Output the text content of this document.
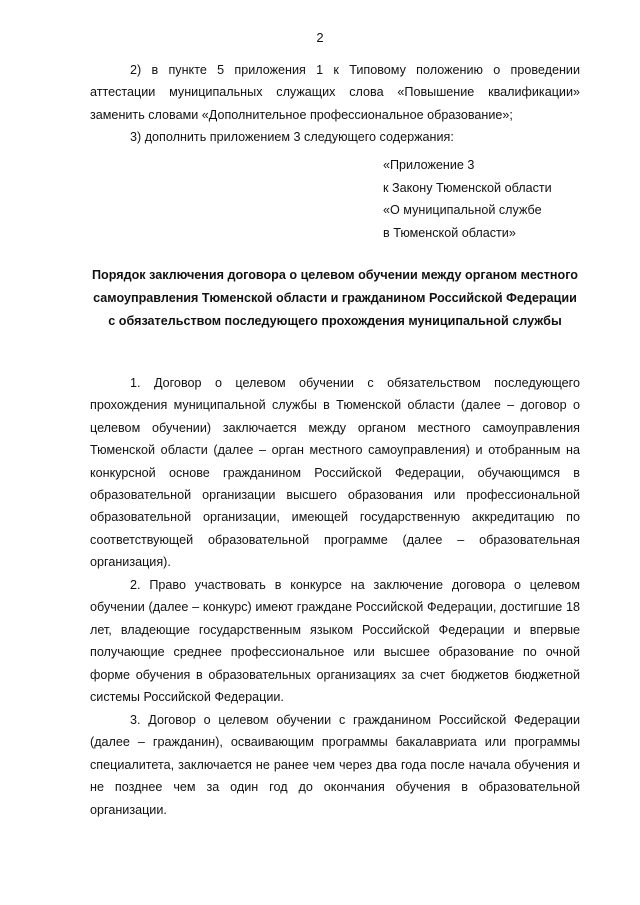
2

2) в пункте 5 приложения 1 к Типовому положению о проведении аттестации муниципальных служащих слова «Повышение квалификации» заменить словами «Дополнительное профессиональное образование»;

3) дополнить приложением 3 следующего содержания:

«Приложение 3
к Закону Тюменской области
«О муниципальной службе
в Тюменской области»
Порядок заключения договора о целевом обучении между органом местного самоуправления Тюменской области и гражданином Российской Федерации с обязательством последующего прохождения муниципальной службы

1. Договор о целевом обучении с обязательством последующего прохождения муниципальной службы в Тюменской области (далее – договор о целевом обучении) заключается между органом местного самоуправления Тюменской области (далее – орган местного самоуправления) и отобранным на конкурсной основе гражданином Российской Федерации, обучающимся в образовательной организации высшего образования или профессиональной образовательной организации, имеющей государственную аккредитацию по соответствующей образовательной программе (далее – образовательная организация).

2. Право участвовать в конкурсе на заключение договора о целевом обучении (далее – конкурс) имеют граждане Российской Федерации, достигшие 18 лет, владеющие государственным языком Российской Федерации и впервые получающие среднее профессиональное или высшее образование по очной форме обучения в образовательных организациях за счет бюджетов бюджетной системы Российской Федерации.

3. Договор о целевом обучении с гражданином Российской Федерации (далее – гражданин), осваивающим программы бакалавриата или программы специалитета, заключается не ранее чем через два года после начала обучения и не позднее чем за один год до окончания обучения в образовательной организации.
